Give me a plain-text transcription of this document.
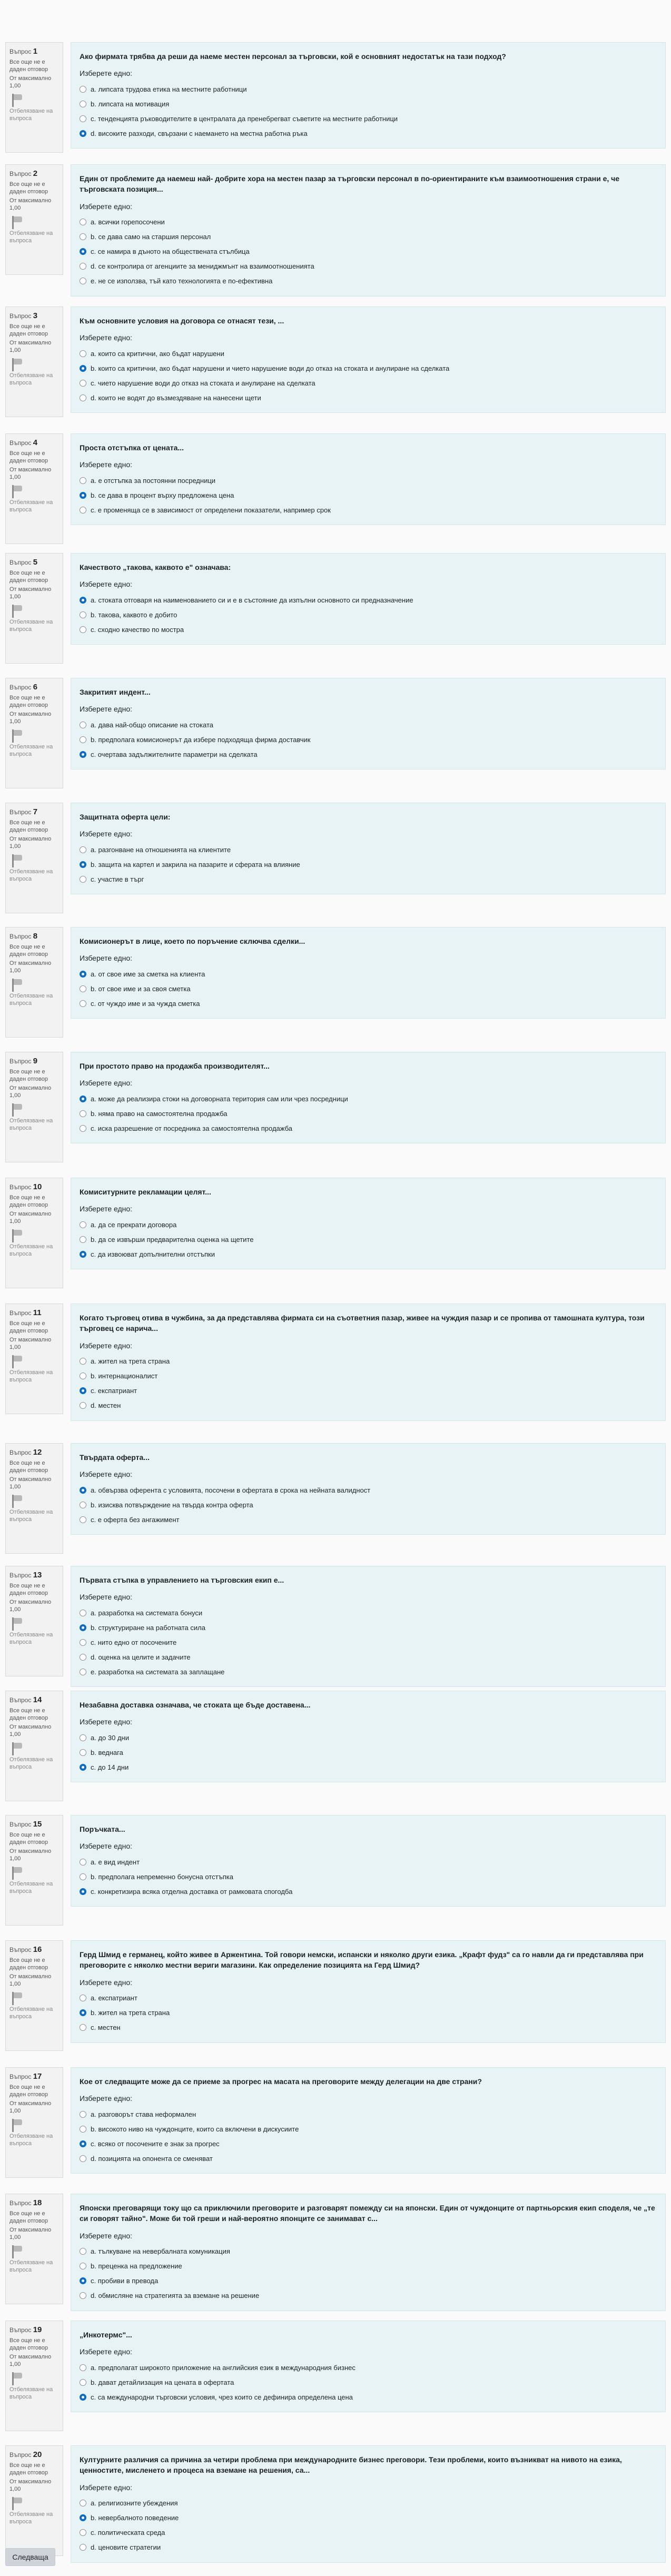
Въпрос 1
Все още не е даден отговор
От максимално 1,00
Отбелязване на въпроса
Ако фирмата трябва да реши да наеме местен персонал за търговски, кой е основният недостатък на тази подход?
Изберете едно:
a. липсата трудова етика на местните работници
b. липсата на мотивация
c. тенденцията ръководителите в централата да пренебрегват съветите на местните работници
d. високите разходи, свързани с наемането на местна работна ръка
Въпрос 2
Все още не е даден отговор
От максимално 1,00
Отбелязване на въпроса
Един от проблемите да наемеш най- добрите хора на местен пазар за търговски персонал в по-ориентираните към взаимоотношения страни е, че търговската позиция...
Изберете едно:
a. всички горепосочени
b. се дава само на старшия персонал
c. се намира в дъното на обществената стълбица
d. се контролира от агенциите за мениджмънт на взаимоотношенията
e. не се използва, тъй като технологията е по-ефективна
Въпрос 3
Все още не е даден отговор
От максимално 1,00
Отбелязване на въпроса
Към основните условия на договора се отнасят тези, ...
Изберете едно:
a. които са критични, ако бъдат нарушени
b. които са критични, ако бъдат нарушени и чието нарушение води до отказ на стоката и анулиране на сделката
c. чието нарушение води до отказ на стоката и анулиране на сделката
d. които не водят до възмездяване на нанесени щети
Въпрос 4
Все още не е даден отговор
От максимално 1,00
Отбелязване на въпроса
Проста отстъпка от цената...
Изберете едно:
a. е отстъпка за постоянни посредници
b. се дава в процент върху предложена цена
c. е променяща се в зависимост от определени показатели, например срок
Въпрос 5
Все още не е даден отговор
От максимално 1,00
Отбелязване на въпроса
Качеството „такова, каквото е" означава:
Изберете едно:
a. стоката отговаря на наименованието си и е в състояние да изпълни основното си предназначение
b. такова, каквото е добито
c. сходно качество по мостра
Въпрос 6
Все още не е даден отговор
От максимално 1,00
Отбелязване на въпроса
Закритият индент...
Изберете едно:
a. дава най-общо описание на стоката
b. предполага комисионерът да избере подходяща фирма доставчик
c. очертава задължителните параметри на сделката
Въпрос 7
Все още не е даден отговор
От максимално 1,00
Отбелязване на въпроса
Защитната оферта цели:
Изберете едно:
a. разгонване на отношенията на клиентите
b. защита на картел и закрила на пазарите и сферата на влияние
c. участие в търг
Въпрос 8
Все още не е даден отговор
От максимално 1,00
Отбелязване на въпроса
Комисионерът в лице, което по поръчение сключва сделки...
Изберете едно:
a. от свое име за сметка на клиента
b. от свое име и за своя сметка
c. от чуждо име и за чужда сметка
Въпрос 9
Все още не е даден отговор
От максимално 1,00
Отбелязване на въпроса
При простото право на продажба производителят...
Изберете едно:
a. може да реализира стоки на договорната територия сам или чрез посредници
b. няма право на самостоятелна продажба
c. иска разрешение от посредника за самостоятелна продажба
Въпрос 10
Все още не е даден отговор
От максимално 1,00
Отбелязване на въпроса
Комиситурните рекламации целят...
Изберете едно:
a. да се прекрати договора
b. да се извърши предварителна оценка на щетите
c. да извоюват допълнителни отстъпки
Въпрос 11
Все още не е даден отговор
От максимално 1,00
Отбелязване на въпроса
Когато търговец отива в чужбина, за да представлява фирмата си на съответния пазар, живее на чуждия пазар и се пропива от тамошната култура, този търговец се нарича...
Изберете едно:
a. жител на трета страна
b. интернационалист
c. експатриант
d. местен
Въпрос 12
Все още не е даден отговор
От максимално 1,00
Отбелязване на въпроса
Твърдата оферта...
Изберете едно:
a. обвързва оферента с условията, посочени в офертата в срока на нейната валидност
b. изисква потвърждение на твърда контра оферта
c. е оферта без ангажимент
Въпрос 13
Все още не е даден отговор
От максимално 1,00
Отбелязване на въпроса
Първата стъпка в управлението на търговския екип е...
Изберете едно:
a. разработка на системата бонуси
b. структуриране на работната сила
c. нито едно от посочените
d. оценка на целите и задачите
e. разработка на системата за заплащане
Въпрос 14
Все още не е даден отговор
От максимално 1,00
Отбелязване на въпроса
Незабавна доставка означава, че стоката ще бъде доставена...
Изберете едно:
a. до 30 дни
b. веднага
c. до 14 дни
Въпрос 15
Все още не е даден отговор
От максимално 1,00
Отбелязване на въпроса
Поръчката...
Изберете едно:
a. е вид индент
b. предполага непременно бонусна отстъпка
c. конкретизира всяка отделна доставка от рамковата спогодба
Въпрос 16
Все още не е даден отговор
От максимално 1,00
Отбелязване на въпроса
Герд Шмид е германец, който живее в Аржентина. Той говори немски, испански и няколко други езика. „Крафт фудз" са го навли да ги представлява при преговорите с няколко местни вериги магазини. Как определение позицията на Герд Шмид?
Изберете едно:
a. експатриант
b. жител на трета страна
c. местен
Въпрос 17
Все още не е даден отговор
От максимално 1,00
Отбелязване на въпроса
Кое от следващите може да се приеме за прогрес на масата на преговорите между делегации на две страни?
Изберете едно:
a. разговорът става неформален
b. високото ниво на чуждонците, които са включени в дискусиите
c. всяко от посочените е знак за прогрес
d. позицията на опонента се сменяват
Въпрос 18
Все още не е даден отговор
От максимално 1,00
Отбелязване на въпроса
Японски преговарящи току що са приключили преговорите и разговарят помежду си на японски. Един от чуждонците от партньорския екип споделя, че „те си говорят тайно". Може би той греши и най-вероятно японците се занимават с...
Изберете едно:
a. тълкуване на невербалната комуникация
b. преценка на предложение
c. пробиви в превода
d. обмисляне на стратегията за вземане на решение
Въпрос 19
Все още не е даден отговор
От максимално 1,00
Отбелязване на въпроса
„Инкотермс"...
Изберете едно:
a. предполагат широкото приложение на английския език в международния бизнес
b. дават детайлизация на цената в офертата
c. са международни търговски условия, чрез които се дефинира определена цена
Въпрос 20
Все още не е даден отговор
От максимално 1,00
Отбелязване на въпроса
Културните различия са причина за четири проблема при международните бизнес преговори. Тези проблеми, които възникват на нивото на езика, ценностите, мисленето и процеса на вземане на решения, са...
Изберете едно:
a. религиозните убеждения
b. невербалното поведение
c. политическата среда
d. ценовите стратегии
Следваща
